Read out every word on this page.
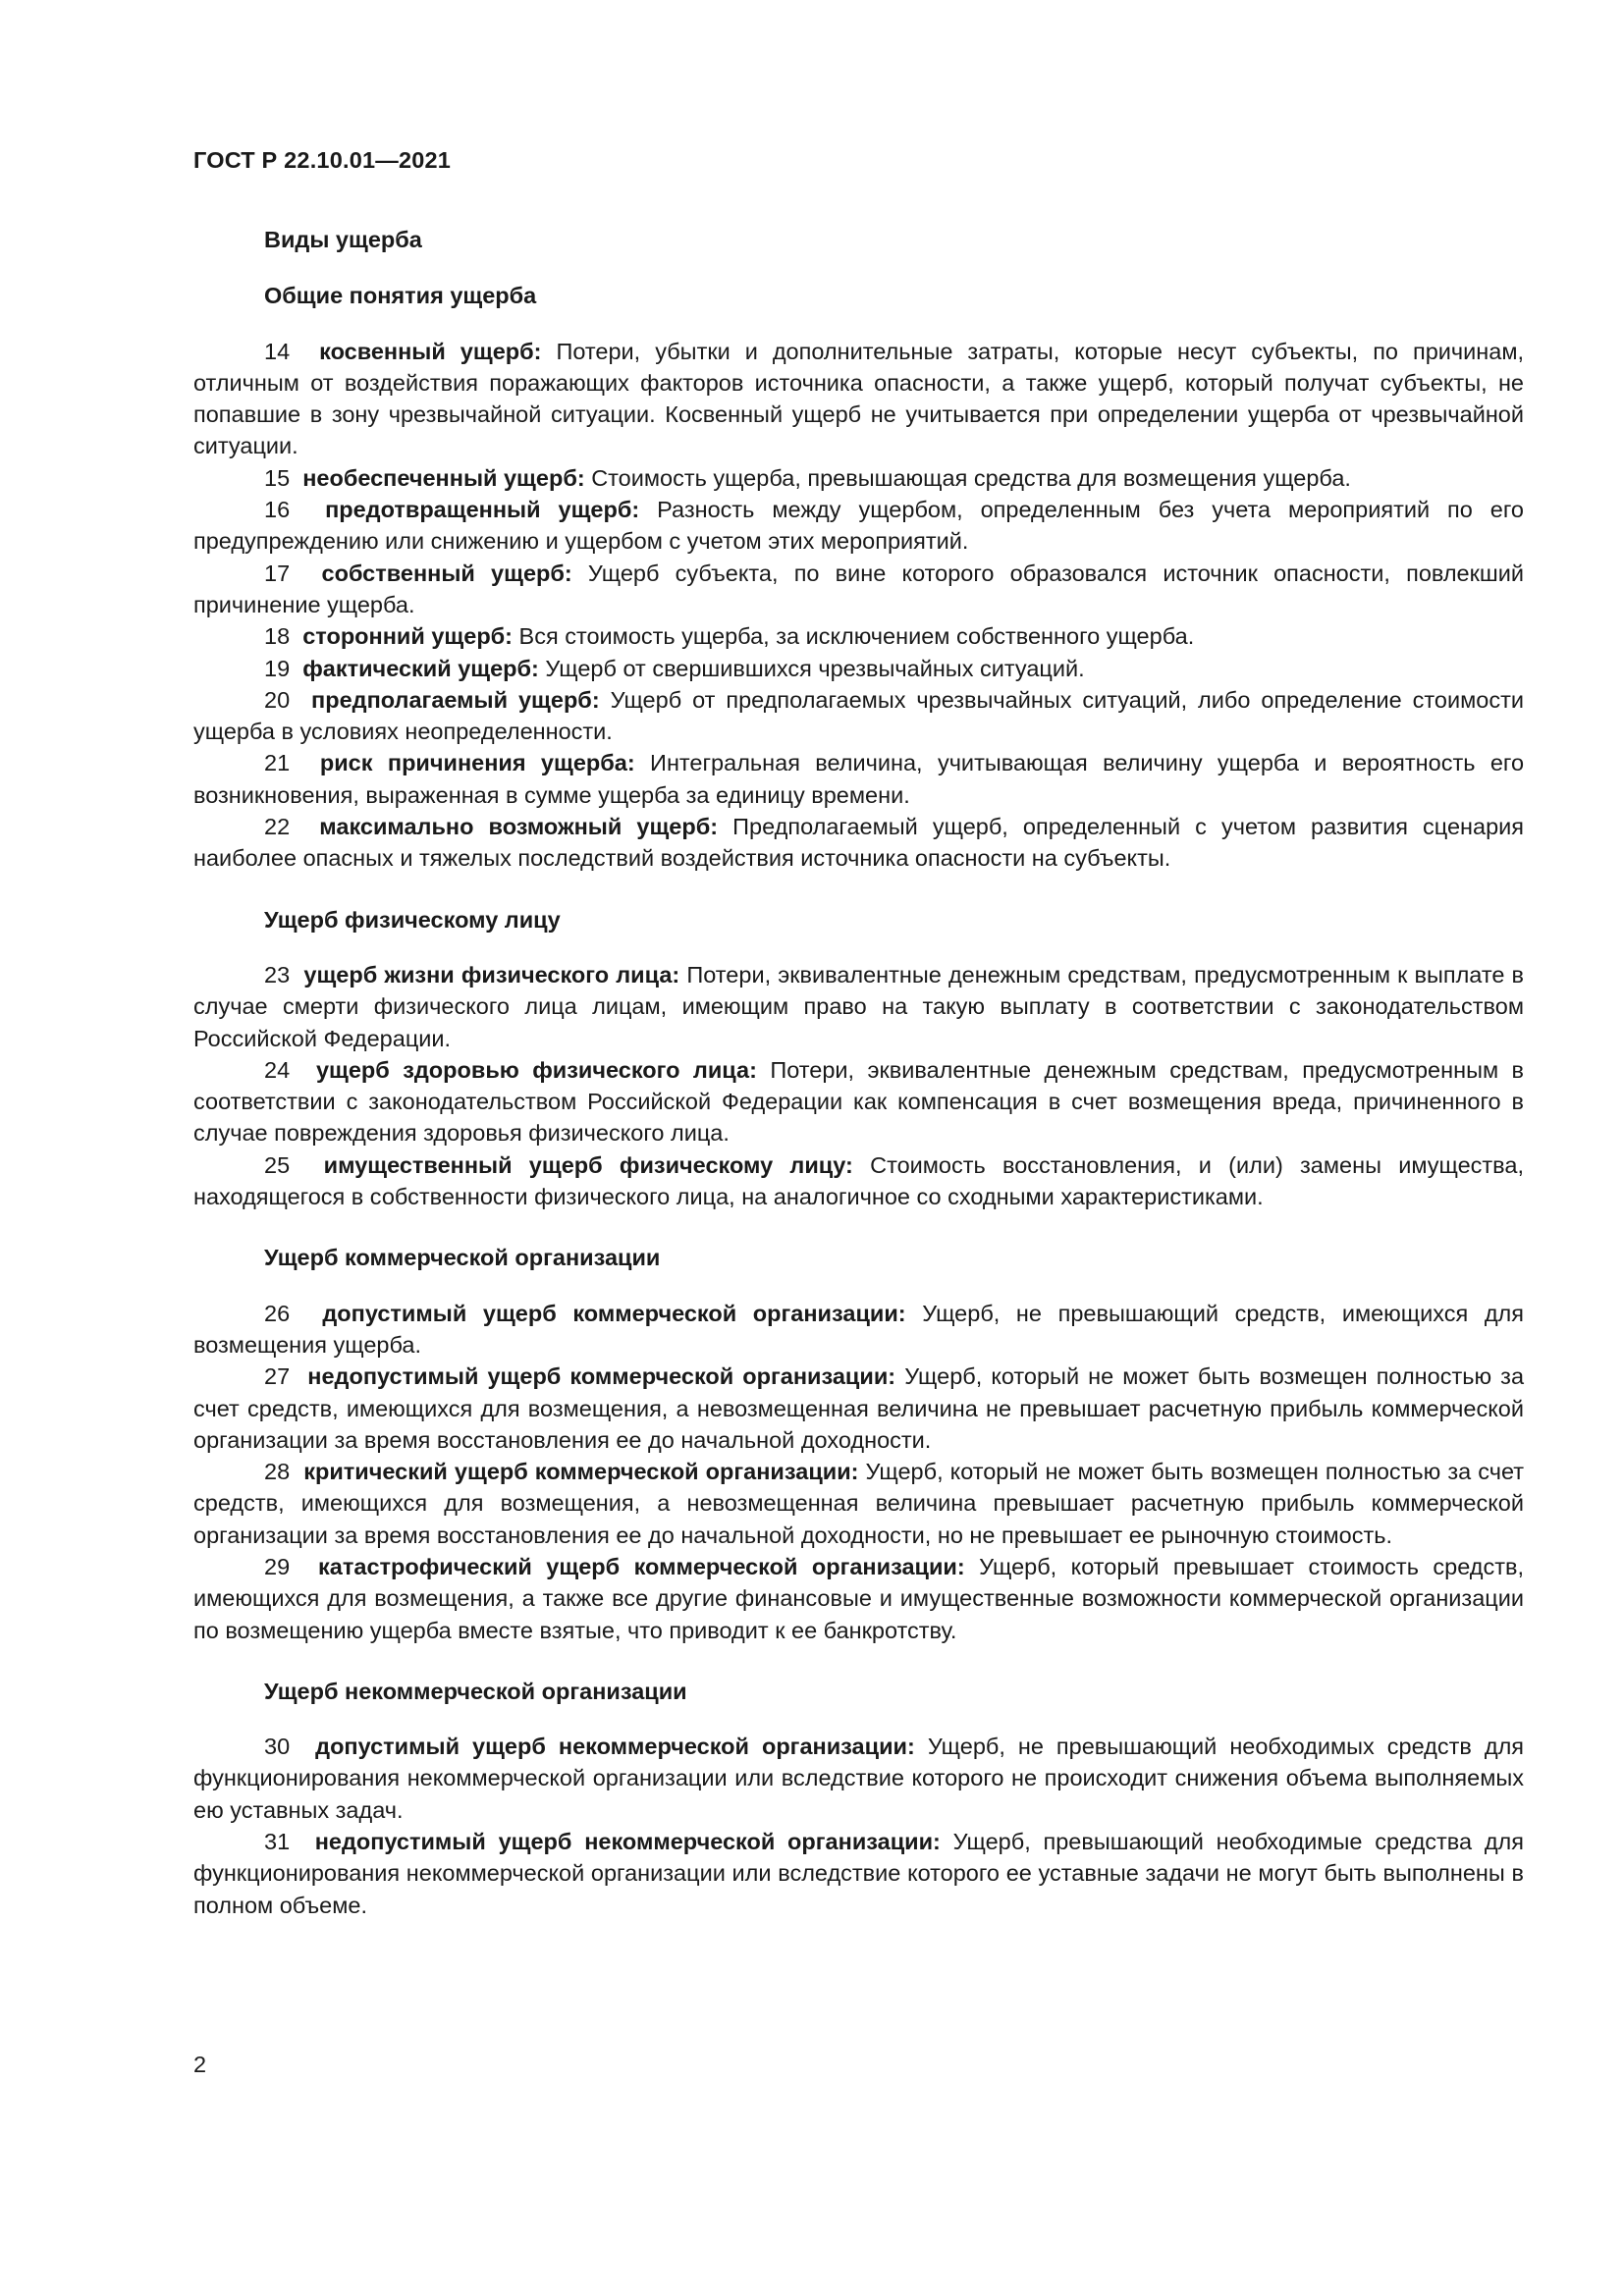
ГОСТ Р 22.10.01—2021

Виды ущерба

Общие понятия ущерба

14 косвенный ущерб: Потери, убытки и дополнительные затраты, которые несут субъекты, по причинам, отличным от воздействия поражающих факторов источника опасности, а также ущерб, который получат субъекты, не попавшие в зону чрезвычайной ситуации. Косвенный ущерб не учитывается при определении ущерба от чрезвычайной ситуации.

15 необеспеченный ущерб: Стоимость ущерба, превышающая средства для возмещения ущерба.

16 предотвращенный ущерб: Разность между ущербом, определенным без учета мероприятий по его предупреждению или снижению и ущербом с учетом этих мероприятий.

17 собственный ущерб: Ущерб субъекта, по вине которого образовался источник опасности, повлекший причинение ущерба.

18 сторонний ущерб: Вся стоимость ущерба, за исключением собственного ущерба.

19 фактический ущерб: Ущерб от свершившихся чрезвычайных ситуаций.

20 предполагаемый ущерб: Ущерб от предполагаемых чрезвычайных ситуаций, либо определение стоимости ущерба в условиях неопределенности.

21 риск причинения ущерба: Интегральная величина, учитывающая величину ущерба и вероятность его возникновения, выраженная в сумме ущерба за единицу времени.

22 максимально возможный ущерб: Предполагаемый ущерб, определенный с учетом развития сценария наиболее опасных и тяжелых последствий воздействия источника опасности на субъекты.

Ущерб физическому лицу

23 ущерб жизни физического лица: Потери, эквивалентные денежным средствам, предусмотренным к выплате в случае смерти физического лица лицам, имеющим право на такую выплату в соответствии с законодательством Российской Федерации.

24 ущерб здоровью физического лица: Потери, эквивалентные денежным средствам, предусмотренным в соответствии с законодательством Российской Федерации как компенсация в счет возмещения вреда, причиненного в случае повреждения здоровья физического лица.

25 имущественный ущерб физическому лицу: Стоимость восстановления, и (или) замены имущества, находящегося в собственности физического лица, на аналогичное со сходными характеристиками.

Ущерб коммерческой организации

26 допустимый ущерб коммерческой организации: Ущерб, не превышающий средств, имеющихся для возмещения ущерба.

27 недопустимый ущерб коммерческой организации: Ущерб, который не может быть возмещен полностью за счет средств, имеющихся для возмещения, а невозмещенная величина не превышает расчетную прибыль коммерческой организации за время восстановления ее до начальной доходности.

28 критический ущерб коммерческой организации: Ущерб, который не может быть возмещен полностью за счет средств, имеющихся для возмещения, а невозмещенная величина превышает расчетную прибыль коммерческой организации за время восстановления ее до начальной доходности, но не превышает ее рыночную стоимость.

29 катастрофический ущерб коммерческой организации: Ущерб, который превышает стоимость средств, имеющихся для возмещения, а также все другие финансовые и имущественные возможности коммерческой организации по возмещению ущерба вместе взятые, что приводит к ее банкротству.

Ущерб некоммерческой организации

30 допустимый ущерб некоммерческой организации: Ущерб, не превышающий необходимых средств для функционирования некоммерческой организации или вследствие которого не происходит снижения объема выполняемых ею уставных задач.

31 недопустимый ущерб некоммерческой организации: Ущерб, превышающий необходимые средства для функционирования некоммерческой организации или вследствие которого ее уставные задачи не могут быть выполнены в полном объеме.

2
